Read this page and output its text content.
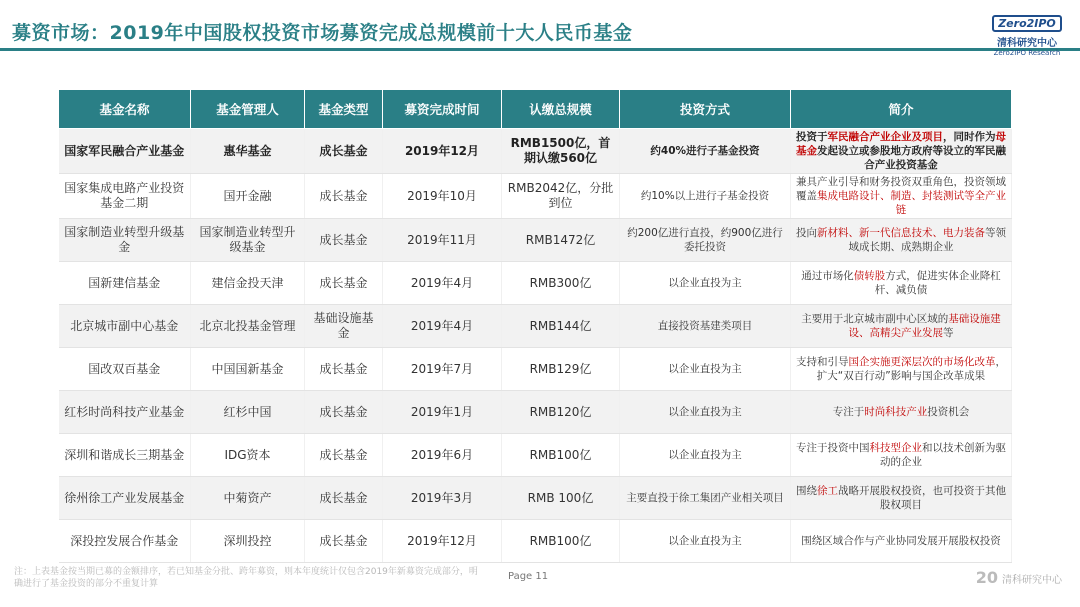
募资市场：2019年中国股权投资市场募资完成总规模前十大人民币基金	Zero2IPO
清科研究中心
Zero2IPO Research
基金名称	基金管理人	基金类型	募资完成时间	认缴总规模	投资方式	简介
国家军民融合产业基金	惠华基金	成长基金	2019年12月	RMB1500亿，首期认缴560亿	约40%进行子基金投资	投资于军民融合产业企业及项目，同时作为母基金发起设立或参股地方政府等设立的军民融合产业投资基金
国家集成电路产业投资基金二期	国开金融	成长基金	2019年10月	RMB2042亿，分批到位	约10%以上进行子基金投资	兼具产业引导和财务投资双重角色，投资领域覆盖集成电路设计、制造、封装测试等全产业链
国家制造业转型升级基金	国家制造业转型升级基金	成长基金	2019年11月	RMB1472亿	约200亿进行直投，约900亿进行委托投资	投向新材料、新一代信息技术、电力装备等领域成长期、成熟期企业
国新建信基金	建信金投天津	成长基金	2019年4月	RMB300亿	以企业直投为主	通过市场化债转股方式，促进实体企业降杠杆、减负债
北京城市副中心基金	北京北投基金管理	基础设施基金	2019年4月	RMB144亿	直接投资基建类项目	主要用于北京城市副中心区域的基础设施建设、高精尖产业发展等
国改双百基金	中国国新基金	成长基金	2019年7月	RMB129亿	以企业直投为主	支持和引导国企实施更深层次的市场化改革，扩大“双百行动”影响与国企改革成果
红杉时尚科技产业基金	红杉中国	成长基金	2019年1月	RMB120亿	以企业直投为主	专注于时尚科技产业投资机会
深圳和谐成长三期基金	IDG资本	成长基金	2019年6月	RMB100亿	以企业直投为主	专注于投资中国科技型企业和以技术创新为驱动的企业
徐州徐工产业发展基金	中菊资产	成长基金	2019年3月	RMB 100亿	主要直投于徐工集团产业相关项目	围绕徐工战略开展股权投资，也可投资于其他股权项目
深投控发展合作基金	深圳投控	成长基金	2019年12月	RMB100亿	以企业直投为主	围绕区域合作与产业协同发展开展股权投资
注：上表基金按当期已募的金额排序，若已知基金分批、跨年募资，则本年度统计仅包含2019年新募资完成部分，明确进行了基金投资的部分不重复计算
Page 11	20 清科研究中心
